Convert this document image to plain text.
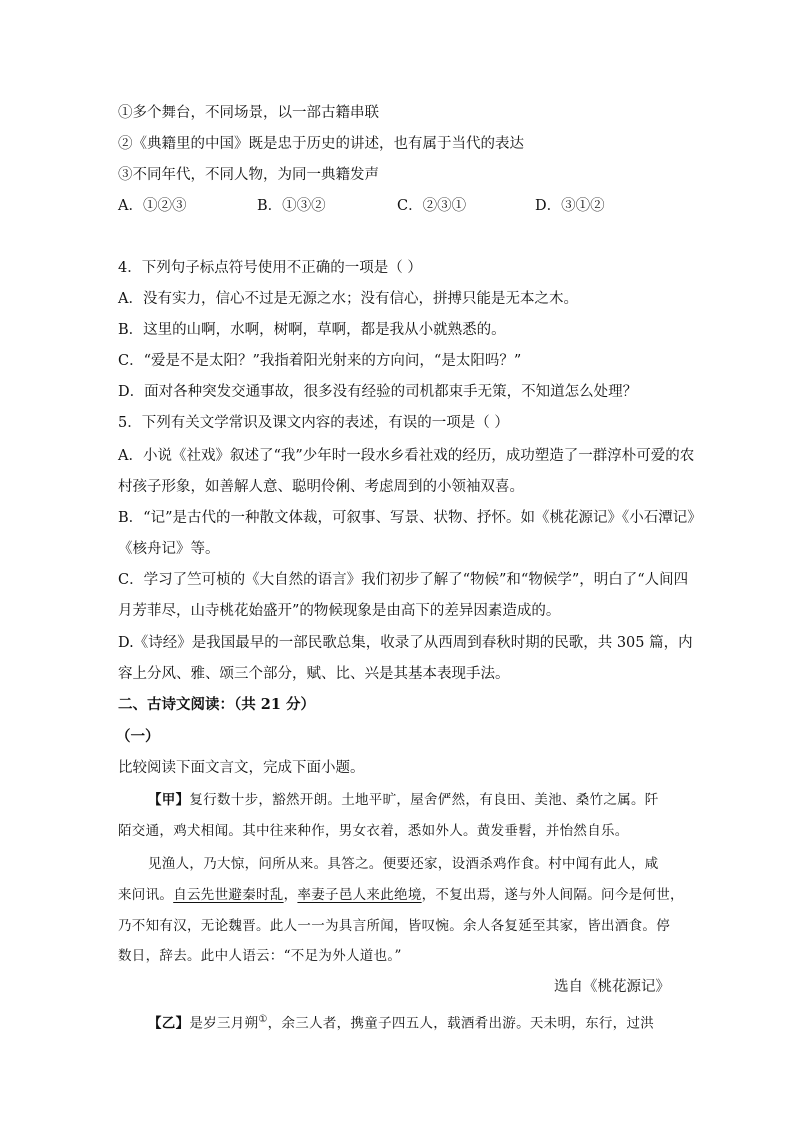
①多个舞台，不同场景，以一部古籍串联
②《典籍里的中国》既是忠于历史的讲述，也有属于当代的表达
③不同年代，不同人物，为同一典籍发声
A．①②③	B．①③②	C．②③①	D．③①②
4．下列句子标点符号使用不正确的一项是（ ）
A．没有实力，信心不过是无源之水；没有信心，拼搏只能是无本之木。
B．这里的山啊，水啊，树啊，草啊，都是我从小就熟悉的。
C．“爱是不是太阳？”我指着阳光射来的方向问，“是太阳吗？”
D．面对各种突发交通事故，很多没有经验的司机都束手无策，不知道怎么处理？
5．下列有关文学常识及课文内容的表述，有误的一项是（ ）
A．小说《社戏》叙述了“我”少年时一段水乡看社戏的经历，成功塑造了一群淳朴可爱的农
村孩子形象，如善解人意、聪明伶俐、考虑周到的小领袖双喜。
B．“记”是古代的一种散文体裁，可叙事、写景、状物、抒怀。如《桃花源记》《小石潭记》
《核舟记》等。
C．学习了竺可桢的《大自然的语言》我们初步了解了“物候”和“物候学”，明白了“人间四
月芳菲尽，山寺桃花始盛开”的物候现象是由高下的差异因素造成的。
D.《诗经》是我国最早的一部民歌总集，收录了从西周到春秋时期的民歌，共 305 篇，内
容上分风、雅、颂三个部分，赋、比、兴是其基本表现手法。
二、古诗文阅读：（共 21 分）
（一）
比较阅读下面文言文，完成下面小题。
【甲】复行数十步，豁然开朗。土地平旷，屋舍俨然，有良田、美池、桑竹之属。阡
陌交通，鸡犬相闻。其中往来种作，男女衣着，悉如外人。黄发垂髫，并怡然自乐。
见渔人，乃大惊，问所从来。具答之。便要还家，设酒杀鸡作食。村中闻有此人，咸
来问讯。自云先世避秦时乱，率妻子邑人来此绝境，不复出焉，遂与外人间隔。问今是何世，
乃不知有汉，无论魏晋。此人一一为具言所闻，皆叹惋。余人各复延至其家，皆出酒食。停
数日，辞去。此中人语云：“不足为外人道也。”
选自《桃花源记》
【乙】是岁三月朔①，余三人者，携童子四五人，载酒肴出游。天未明，东行，过洪
